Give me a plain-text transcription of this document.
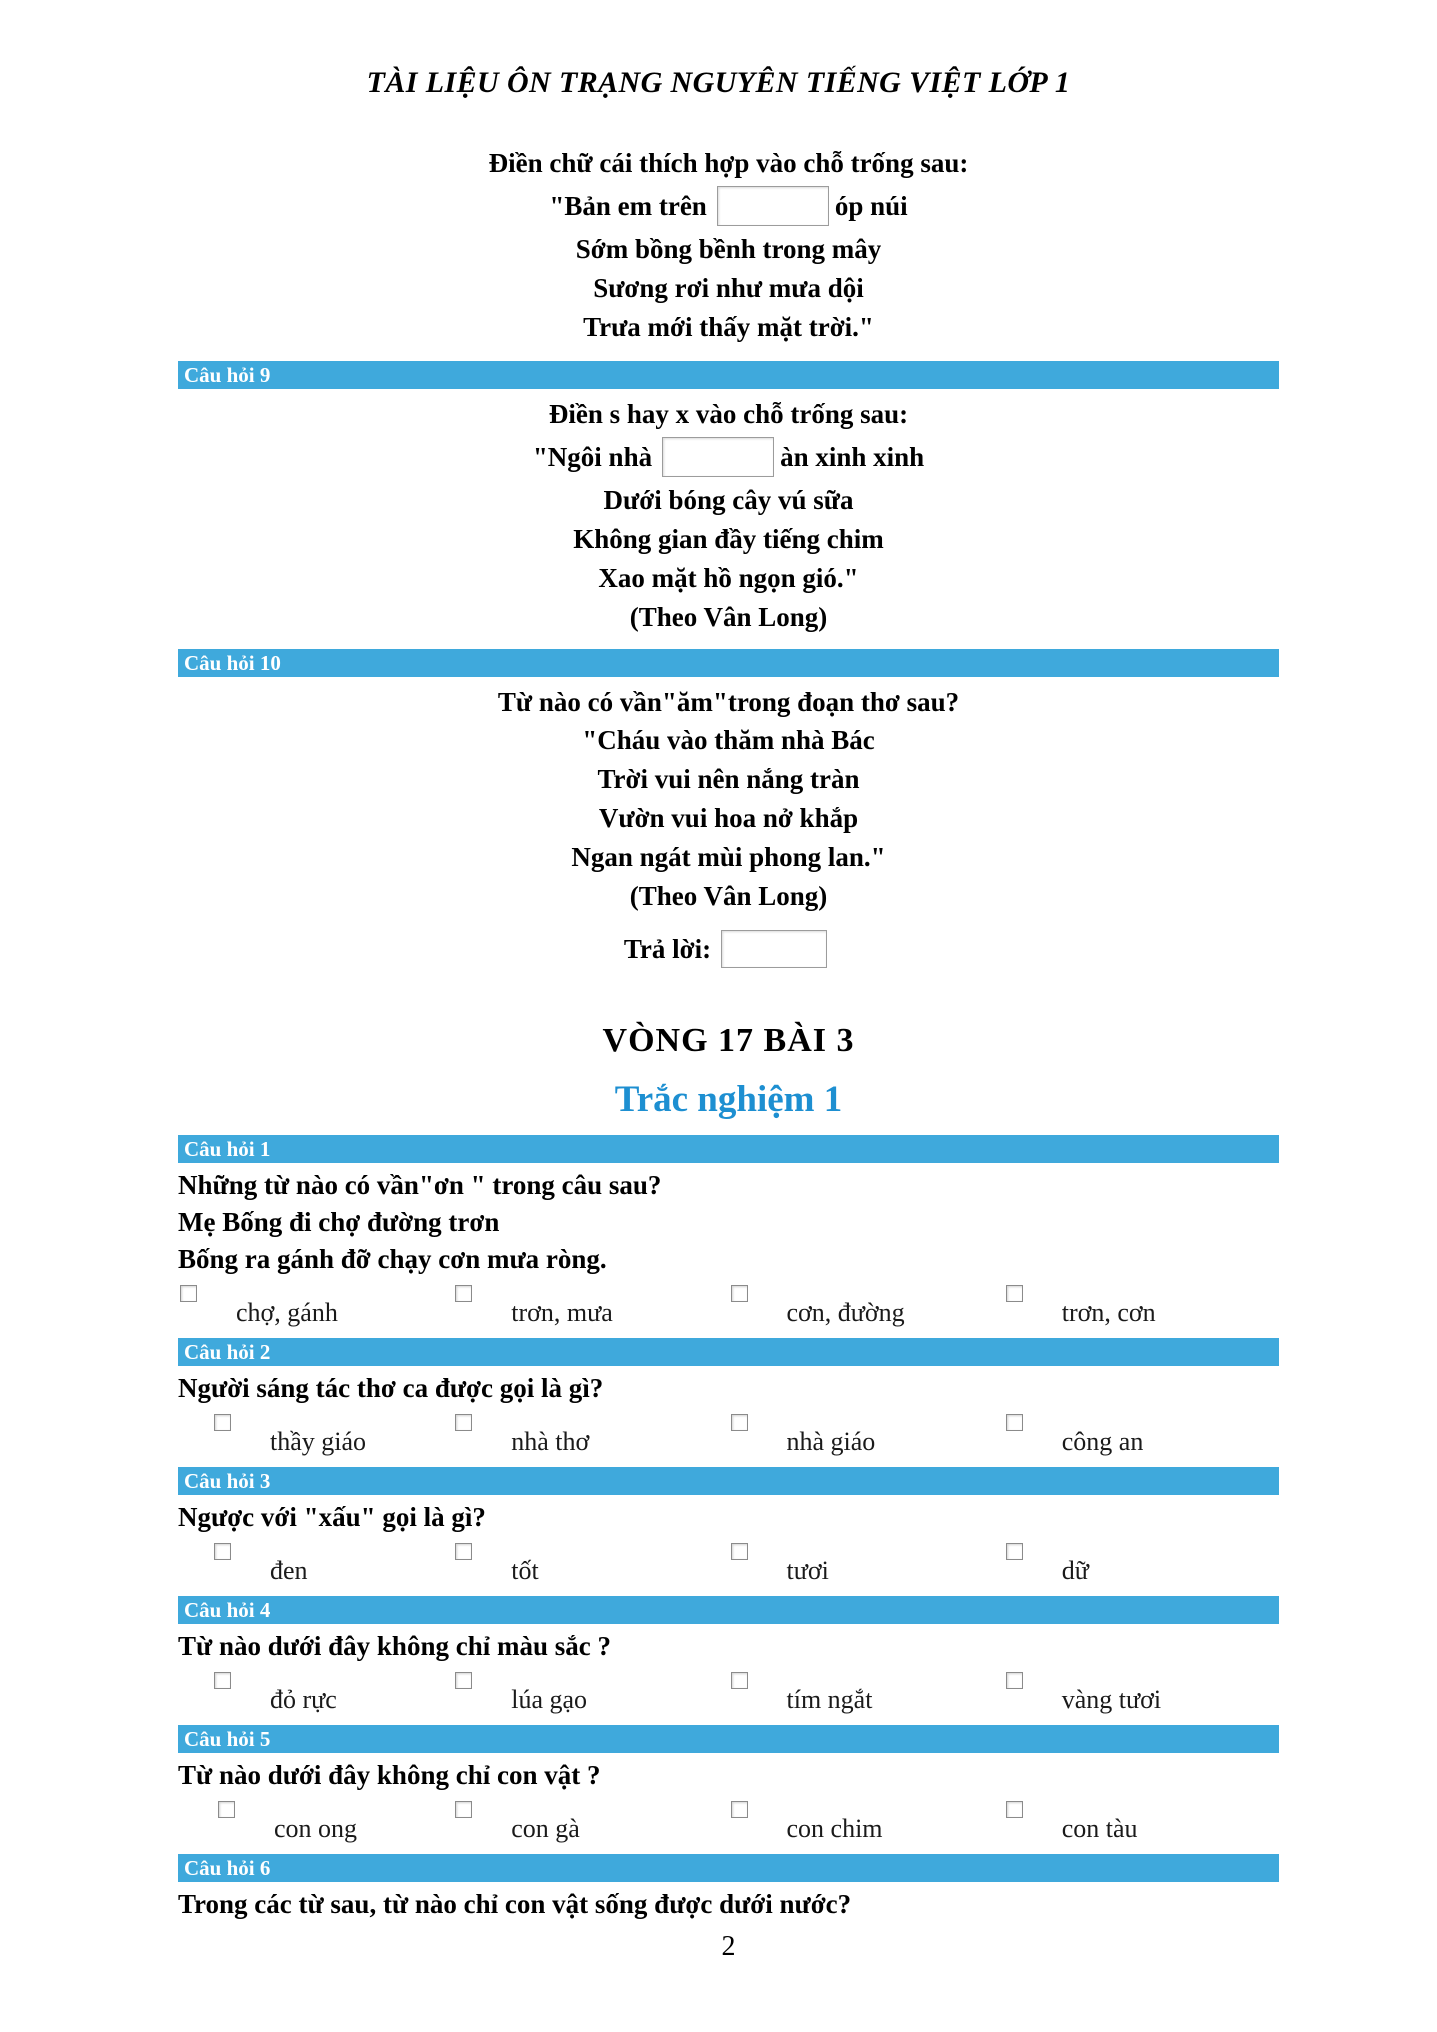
TÀI LIỆU ÔN TRẠNG NGUYÊN TIẾNG VIỆT LỚP 1
Điền chữ cái thích hợp vào chỗ trống sau:
"Bản em trên	óp núi
Sớm bồng bềnh trong mây
Sương rơi như mưa dội
Trưa mới thấy mặt trời."
Câu hỏi 9
Điền s hay x vào chỗ trống sau:
"Ngôi nhà	àn xinh xinh
Dưới bóng cây vú sữa
Không gian đầy tiếng chim
Xao mặt hồ ngọn gió."
(Theo Vân Long)
Câu hỏi 10
Từ nào có vần"ăm"trong đoạn thơ sau?
"Cháu vào thăm nhà Bác
Trời vui nên nắng tràn
Vườn vui hoa nở khắp
Ngan ngát mùi phong lan."
(Theo Vân Long)
Trả lời:
VÒNG 17 BÀI 3
Trắc nghiệm 1
Câu hỏi 1
Những từ nào có vần"ơn " trong câu sau?
Mẹ Bống đi chợ đường trơn
Bống ra gánh đỡ chạy cơn mưa ròng.
chợ, gánh	trơn, mưa	cơn, đường	trơn, cơn
Câu hỏi 2
Người sáng tác thơ ca được gọi là gì?
thầy giáo	nhà thơ	nhà giáo	công an
Câu hỏi 3
Ngược với "xấu" gọi là gì?
đen	tốt	tươi	dữ
Câu hỏi 4
Từ nào dưới đây không chỉ màu sắc ?
đỏ rực	lúa gạo	tím ngắt	vàng tươi
Câu hỏi 5
Từ nào dưới đây không chỉ con vật ?
con ong	con gà	con chim	con tàu
Câu hỏi 6
Trong các từ sau, từ nào chỉ con vật sống được dưới nước?
2
